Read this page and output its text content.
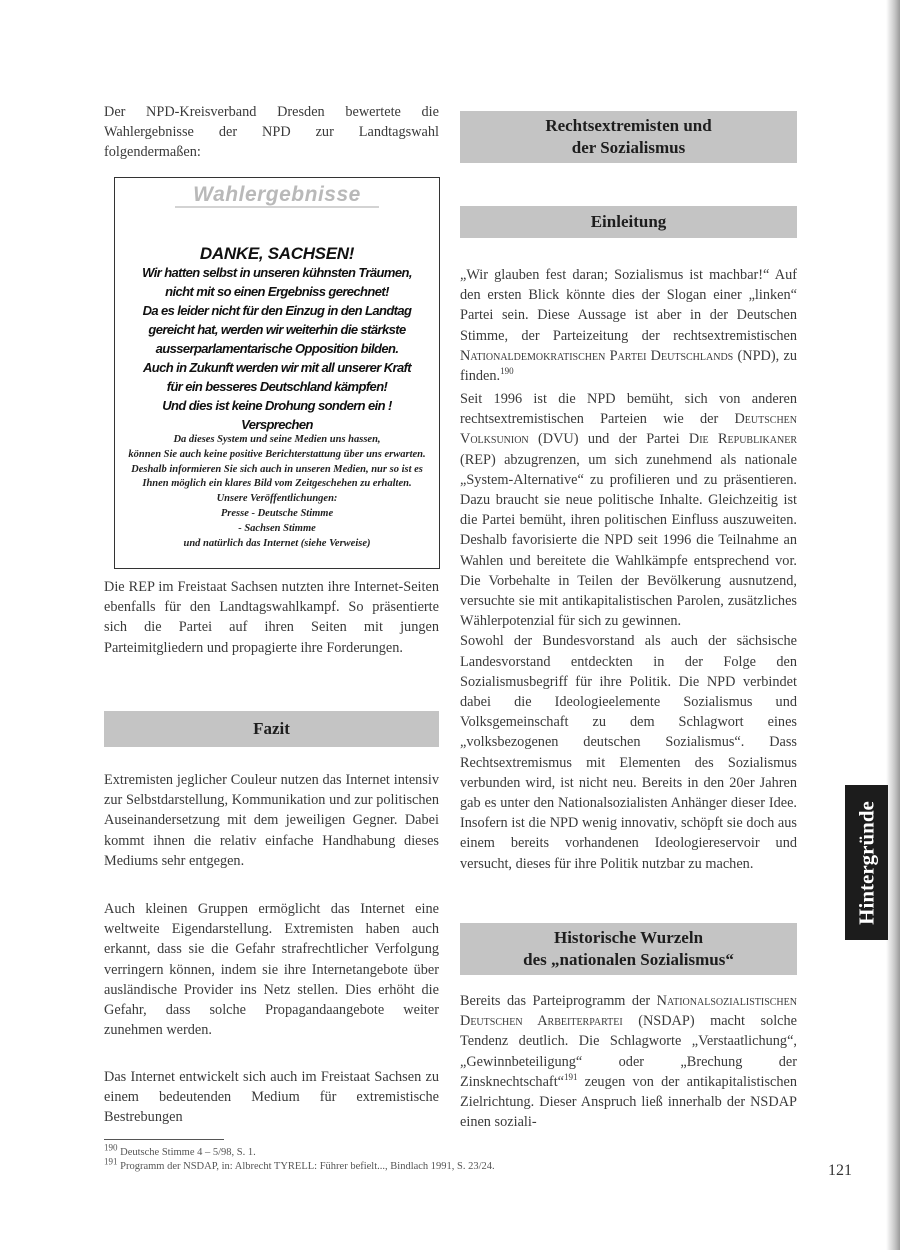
Der NPD-Kreisverband Dresden bewertete die Wahlergebnisse der NPD zur Landtagswahl folgendermaßen:

Wahlergebnisse
DANKE, SACHSEN!
Wir hatten selbst in unseren kühnsten Träumen,
nicht mit so einen Ergebniss gerechnet!
Da es leider nicht für den Einzug in den Landtag
gereicht hat, werden wir weiterhin die stärkste
ausserparlamentarische Opposition bilden.
Auch in Zukunft werden wir mit all unserer Kraft
für ein besseres Deutschland kämpfen!
Und dies ist keine Drohung sondern ein !
Versprechen
Da dieses System und seine Medien uns hassen,
können Sie auch keine positive Berichterstattung über uns erwarten.
Deshalb informieren Sie sich auch in unseren Medien, nur so ist es Ihnen möglich ein klares Bild vom Zeitgeschehen zu erhalten.
Unsere Veröffentlichungen:
Presse - Deutsche Stimme
- Sachsen Stimme
und natürlich das Internet (siehe Verweise)

Die REP im Freistaat Sachsen nutzten ihre Internet-Seiten ebenfalls für den Landtagswahlkampf. So präsentierte sich die Partei auf ihren Seiten mit jungen Parteimitgliedern und propagierte ihre Forderungen.

Fazit

Extremisten jeglicher Couleur nutzen das Internet intensiv zur Selbstdarstellung, Kommunikation und zur politischen Auseinandersetzung mit dem jeweiligen Gegner. Dabei kommt ihnen die relativ einfache Handhabung dieses Mediums sehr entgegen.

Auch kleinen Gruppen ermöglicht das Internet eine weltweite Eigendarstellung. Extremisten haben auch erkannt, dass sie die Gefahr strafrechtlicher Verfolgung verringern können, indem sie ihre Internetangebote über ausländische Provider ins Netz stellen. Dies erhöht die Gefahr, dass solche Propagandaangebote weiter zunehmen werden.

Das Internet entwickelt sich auch im Freistaat Sachsen zu einem bedeutenden Medium für extremistische Bestrebungen

Rechtsextremisten und
der Sozialismus
Einleitung

„Wir glauben fest daran; Sozialismus ist machbar!“ Auf den ersten Blick könnte dies der Slogan einer „linken“ Partei sein. Diese Aussage ist aber in der Deutschen Stimme, der Parteizeitung der rechtsextremistischen Nationaldemokratischen Partei Deutschlands (NPD), zu finden.$^{190}$

Seit 1996 ist die NPD bemüht, sich von anderen rechtsextremistischen Parteien wie der Deutschen Volksunion (DVU) und der Partei Die Republikaner (REP) abzugrenzen, um sich zunehmend als nationale „System-Alternative“ zu profilieren und zu präsentieren. Dazu braucht sie neue politische Inhalte. Gleichzeitig ist die Partei bemüht, ihren politischen Einfluss auszuweiten. Deshalb favorisierte die NPD seit 1996 die Teilnahme an Wahlen und bereitete die Wahlkämpfe entsprechend vor. Die Vorbehalte in Teilen der Bevölkerung ausnutzend, versuchte sie mit antikapitalistischen Parolen, zusätzliches Wählerpotenzial für sich zu gewinnen.

Sowohl der Bundesvorstand als auch der sächsische Landesvorstand entdeckten in der Folge den Sozialismusbegriff für ihre Politik. Die NPD verbindet dabei die Ideologieelemente Sozialismus und Volksgemeinschaft zu dem Schlagwort eines „volksbezogenen deutschen Sozialismus“. Dass Rechtsextremismus mit Elementen des Sozialismus verbunden wird, ist nicht neu. Bereits in den 20er Jahren gab es unter den Nationalsozialisten Anhänger dieser Idee. Insofern ist die NPD wenig innovativ, schöpft sie doch aus einem bereits vorhandenen Ideologiereservoir und versucht, dieses für ihre Politik nutzbar zu machen.

Historische Wurzeln
des „nationalen Sozialismus“

Bereits das Parteiprogramm der Nationalsozialistischen Deutschen Arbeiterpartei (NSDAP) macht solche Tendenz deutlich. Die Schlagworte „Verstaatlichung“, „Gewinnbeteiligung“ oder „Brechung der Zinsknechtschaft“$^{191}$ zeugen von der antikapitalistischen Zielrichtung. Dieser Anspruch ließ innerhalb der NSDAP einen soziali-

Hintergründe

190 Deutsche Stimme 4 – 5/98, S. 1.

191 Programm der NSDAP, in: Albrecht TYRELL: Führer befielt..., Bindlach 1991, S. 23/24.	121
